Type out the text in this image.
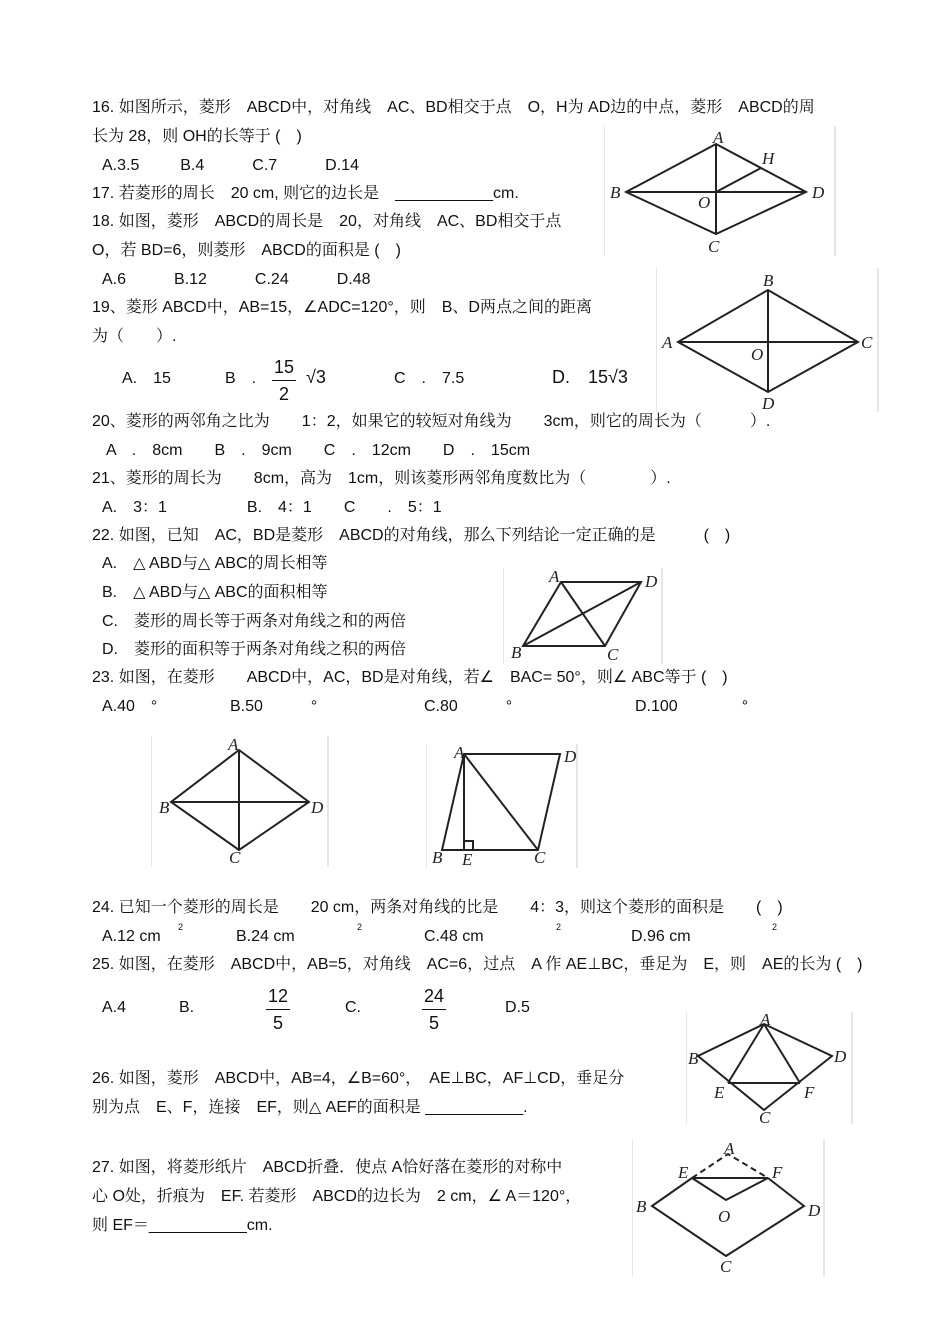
16. 如图所示，菱形　ABCD中，对角线　AC、BD相交于点　O，H为 AD边的中点，菱形　ABCD的周
长为 28，则 OH的长等于 (　)
A.3.5　　  B.4　　　C.7　　　D.14
17. 若菱形的周长　20 cm, 则它的边长是　___________cm.
18. 如图，菱形　ABCD的周长是　20，对角线　AC、BD相交于点
O，若 BD=6，则菱形　ABCD的面积是 (　)
A.6　　　B.12　　　C.24　　　D.48
A
B
C
D
O
H
19、菱形 ABCD中，AB=15，∠ADC=120°，则　B、D两点之间的距离
为（　　）.
A.　15	B　. $\frac{15}{2} √3$	C　.　7.5	D.　15√3
B
A	C
D
O
20、菱形的两邻角之比为　　1：2，如果它的较短对角线为　　3cm，则它的周长为（　　　）.
A　.　8cm　　B　.　9cm　　C　.　12cm　　D　.　15cm
21、菱形的周长为　　8cm，高为　1cm，则该菱形两邻角度数比为（　　　　）.
A.　3：1　　　　　B.　4：1　　C　　.　5：1
22. 如图，已知　AC，BD是菱形　ABCD的对角线，那么下列结论一定正确的是　　　(　)
A.　△ ABD与△ ABC的周长相等
B.　△ ABD与△ ABC的面积相等
C.　菱形的周长等于两条对角线之和的两倍
D.　菱形的面积等于两条对角线之积的两倍
A	D
B	C
23. 如图，在菱形　　ABCD中，AC，BD是对角线，若∠　BAC= 50°，则∠ ABC等于 (　)
A.40　°	B.50　　　°	C.80　　　°	D.100　　　　°
A
B	D
C
A	D
B E	C
24. 已知一个菱形的周长是　　20 cm，两条对角线的比是　　4：3，则这个菱形的面积是　　(　)
A.12 cm
2
B.24 cm
2
C.48 cm
2
D.96 cm
2
25. 如图，在菱形　ABCD中，AB=5，对角线　AC=6，过点　A 作 AE⊥BC，垂足为　E，则　AE的长为 (　)
A.4	B.	$\frac{12}{5}$	C.	$\frac{24}{5}$	D.5
26. 如图，菱形　ABCD中，AB=4，∠B=60°，　AE⊥BC，AF⊥CD，垂足分
别为点　E、F，连接　EF，则△ AEF的面积是 ___________.
A
B	D
E	F
C
27. 如图，将菱形纸片　ABCD折叠．使点 A恰好落在菱形的对称中
心 O处，折痕为　EF. 若菱形　ABCD的边长为　2 cm，∠ A＝120°，
则 EF＝___________cm.
A
E	F
B	D
O
C
